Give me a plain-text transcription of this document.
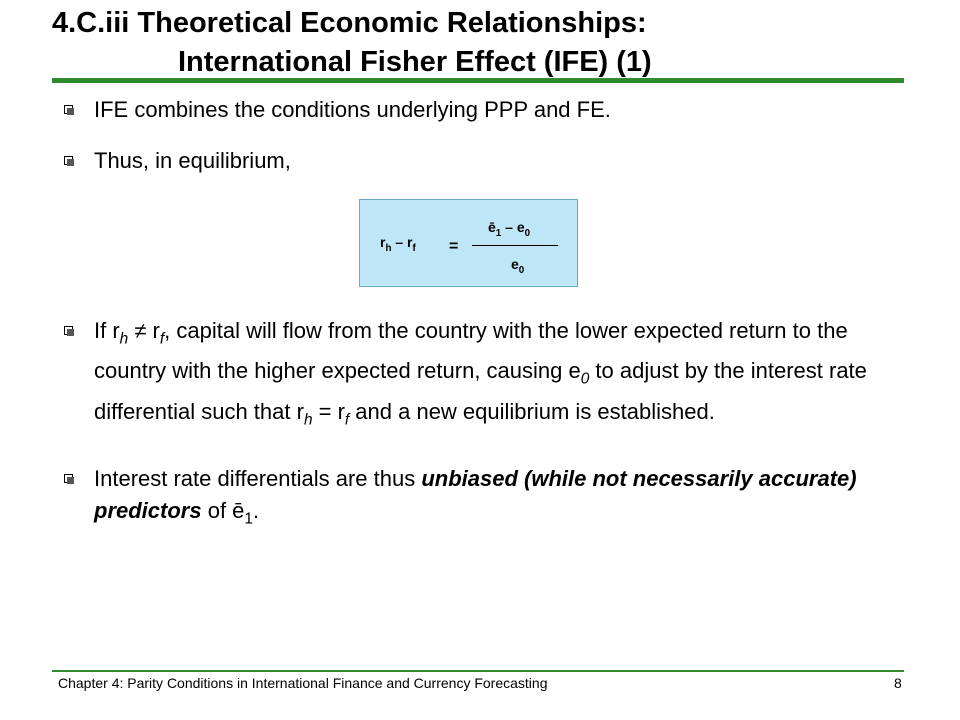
4.C.iii Theoretical Economic Relationships:
International Fisher Effect (IFE) (1)
IFE combines the conditions underlying PPP and FE.
Thus, in equilibrium,
$r_h - r_f$ =
$ē_1 - e_0$
$e_0$
If $r_h \ne r_f$, capital will flow from the country with the lower expected return to the country with the higher expected return, causing $e_0$ to adjust by the interest rate differential such that $r_h = r_f$ and a new equilibrium is established.
Interest rate differentials are thus unbiased (while not necessarily accurate) predictors of $ē_1$.
Chapter 4: Parity Conditions in International Finance and Currency Forecasting	8
